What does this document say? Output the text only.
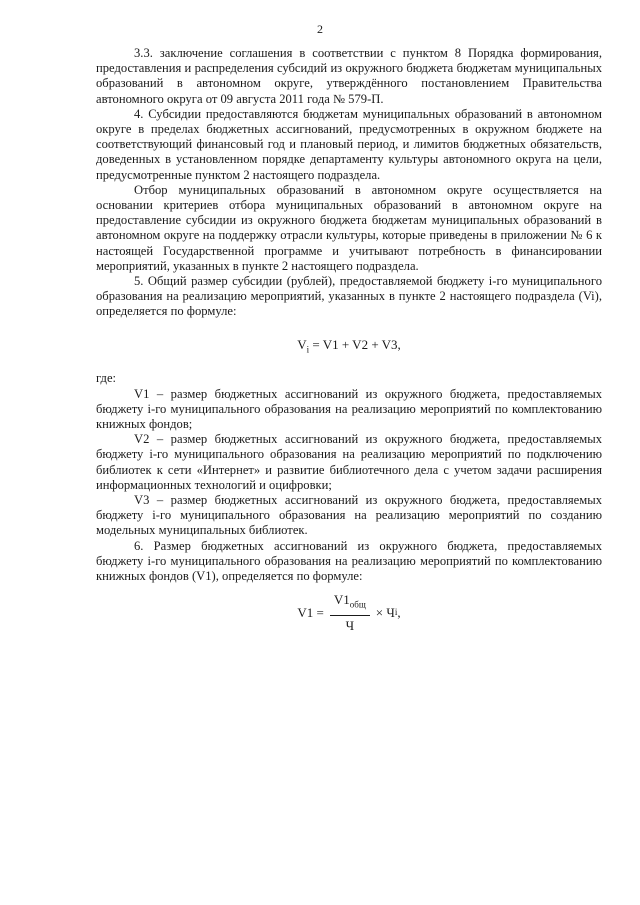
2

3.3. заключение соглашения в соответствии с пунктом 8 Порядка формирования, предоставления и распределения субсидий из окружного бюджета бюджетам муниципальных образований в автономном округе, утверждённого постановлением Правительства автономного округа от 09 августа 2011 года № 579-П.

4. Субсидии предоставляются бюджетам муниципальных образований в автономном округе в пределах бюджетных ассигнований, предусмотренных в окружном бюджете на соответствующий финансовый год и плановый период, и лимитов бюджетных обязательств, доведенных в установленном порядке департаменту культуры автономного округа на цели, предусмотренные пунктом 2 настоящего подраздела.

Отбор муниципальных образований в автономном округе осуществляется на основании критериев отбора муниципальных образований в автономном округе на предоставление субсидии из окружного бюджета бюджетам муниципальных образований в автономном округе на поддержку отрасли культуры, которые приведены в приложении № 6 к настоящей Государственной программе и учитывают потребность в финансировании мероприятий, указанных в пункте 2 настоящего подраздела.

5. Общий размер субсидии (рублей), предоставляемой бюджету i-го муниципального образования на реализацию мероприятий, указанных в пункте 2 настоящего подраздела (Vi), определяется по формуле:

$V_i = V1 + V2 + V3$,

где:

V1 – размер бюджетных ассигнований из окружного бюджета, предоставляемых бюджету i-го муниципального образования на реализацию мероприятий по комплектованию книжных фондов;

V2 – размер бюджетных ассигнований из окружного бюджета, предоставляемых бюджету i-го муниципального образования на реализацию мероприятий по подключению библиотек к сети «Интернет» и развитие библиотечного дела с учетом задачи расширения информационных технологий и оцифровки;

V3 – размер бюджетных ассигнований из окружного бюджета, предоставляемых бюджету i-го муниципального образования на реализацию мероприятий по созданию модельных муниципальных библиотек.

6. Размер бюджетных ассигнований из окружного бюджета, предоставляемых бюджету i-го муниципального образования на реализацию мероприятий по комплектованию книжных фондов (V1), определяется по формуле:

$V1 = \frac{V1_{общ}}{Ч}$ ×
Ч i ,
